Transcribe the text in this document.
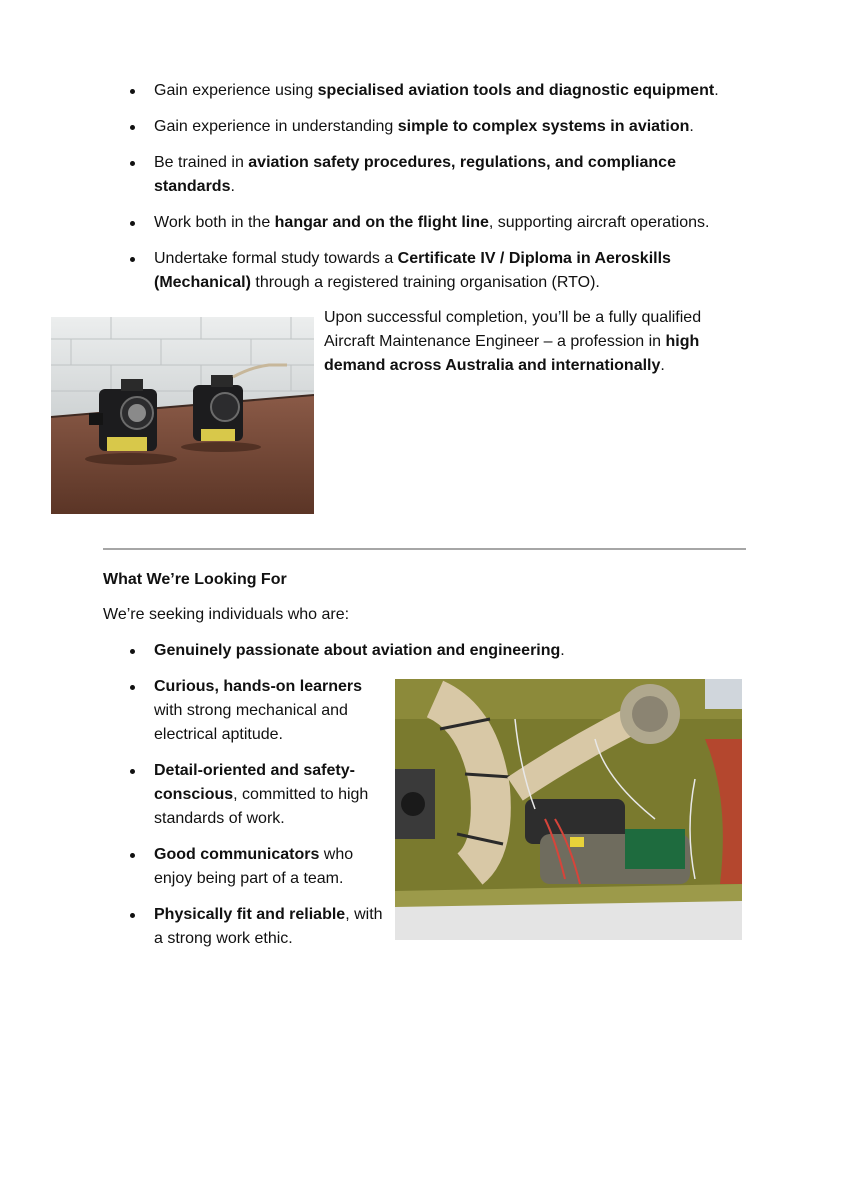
Gain experience using specialised aviation tools and diagnostic equipment.
Gain experience in understanding simple to complex systems in aviation.
Be trained in aviation safety procedures, regulations, and compliance standards.
Work both in the hangar and on the flight line, supporting aircraft operations.
Undertake formal study towards a Certificate IV / Diploma in Aeroskills (Mechanical) through a registered training organisation (RTO).
Upon successful completion, you’ll be a fully qualified Aircraft Maintenance Engineer – a profession in high demand across Australia and internationally.
What We’re Looking For
We’re seeking individuals who are:
Genuinely passionate about aviation and engineering.
Curious, hands-on learners with strong mechanical and electrical aptitude.
Detail-oriented and safety-conscious, committed to high standards of work.
Good communicators who enjoy being part of a team.
Physically fit and reliable, with a strong work ethic.
